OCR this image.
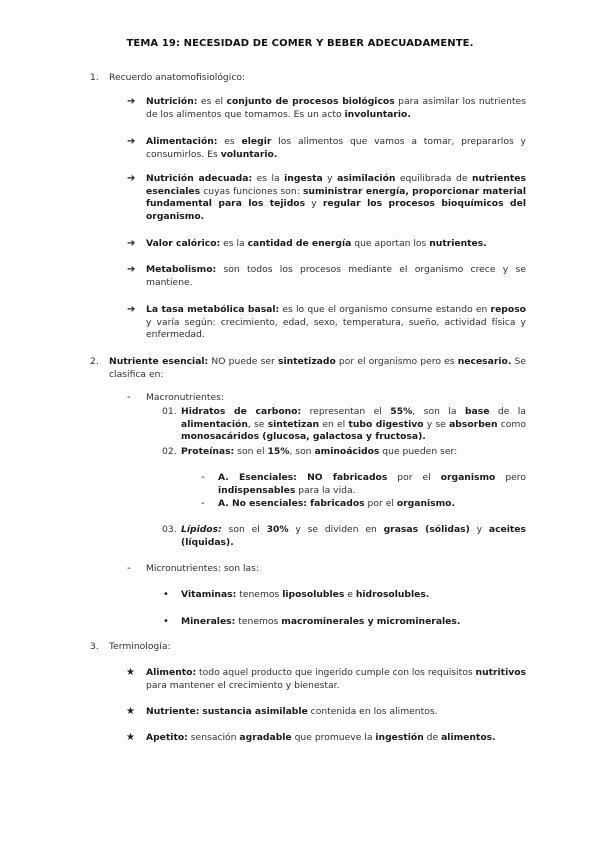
TEMA 19: NECESIDAD DE COMER Y BEBER ADECUADAMENTE.
1. Recuerdo anatomofisiológico:
➔ Nutrición: es el conjunto de procesos biológicos para asimilar los nutrientes de los alimentos que tomamos. Es un acto involuntario.
➔ Alimentación: es elegir los alimentos que vamos a tomar, prepararlos y consumirlos. Es voluntario.
➔ Nutrición adecuada: es la ingesta y asimilación equilibrada de nutrientes esenciales cuyas funciones son: suministrar energía, proporcionar material fundamental para los tejidos y regular los procesos bioquímicos del organismo.
➔ Valor calórico: es la cantidad de energía que aportan los nutrientes.
➔ Metabolismo: son todos los procesos mediante el organismo crece y se mantiene.
➔ La tasa metabólica basal: es lo que el organismo consume estando en reposo y varía según: crecimiento, edad, sexo, temperatura, sueño, actividad física y enfermedad.
2. Nutriente esencial: NO puede ser sintetizado por el organismo pero es necesario. Se clasifica en:
- Macronutrientes:
01. Hidratos de carbono: representan el 55%, son la base de la alimentación, se sintetizan en el tubo digestivo y se absorben como monosacáridos (glucosa, galactosa y fructosa).
02. Proteínas: son el 15%, son aminoácidos que pueden ser:
- A. Esenciales: NO fabricados por el organismo pero indispensables para la vida.
- A. No esenciales: fabricados por el organismo.
03. Lípidos: son el 30% y se dividen en grasas (sólidas) y aceites (líquidas).
- Micronutrientes: son las:
• Vitaminas: tenemos liposolubles e hidrosolubles.
• Minerales: tenemos macrominerales y microminerales.
3. Terminología:
★ Alimento: todo aquel producto que ingerido cumple con los requisitos nutritivos para mantener el crecimiento y bienestar.
★ Nutriente: sustancia asimilable contenida en los alimentos.
★ Apetito: sensación agradable que promueve la ingestión de alimentos.
